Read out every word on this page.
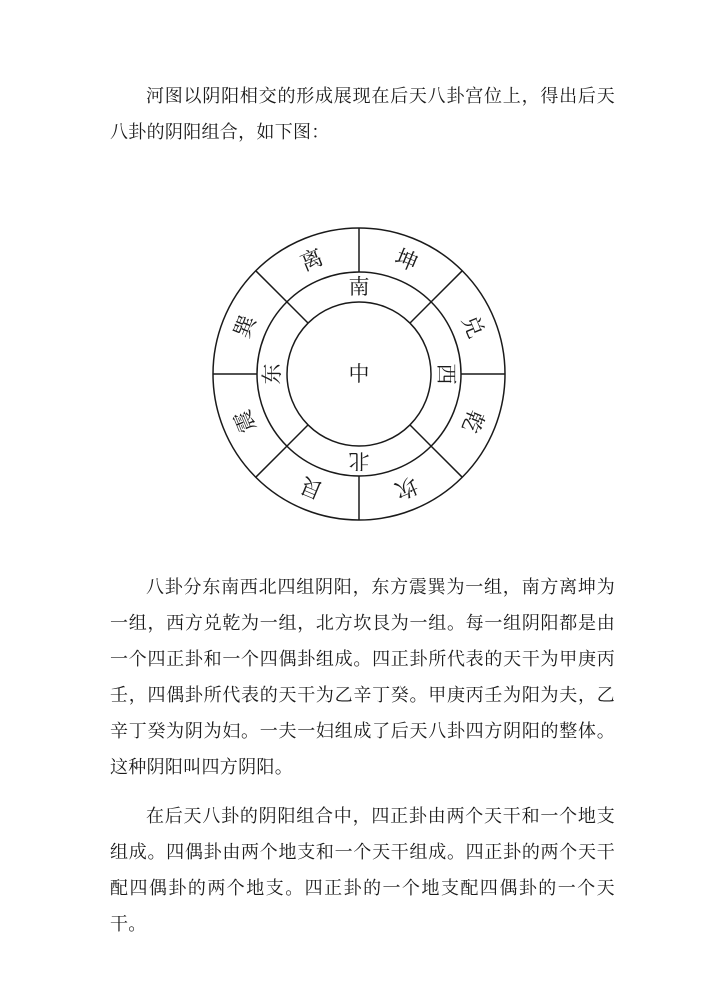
河图以阴阳相交的形成展现在后天八卦宫位上，得出后天八卦的阴阳组合，如下图：

中
南
西
北
东
离	坤
兑
乾
坎
艮
震
巽

八卦分东南西北四组阴阳，东方震巽为一组，南方离坤为一组，西方兑乾为一组，北方坎艮为一组。每一组阴阳都是由一个四正卦和一个四偶卦组成。四正卦所代表的天干为甲庚丙壬，四偶卦所代表的天干为乙辛丁癸。甲庚丙壬为阳为夫，乙辛丁癸为阴为妇。一夫一妇组成了后天八卦四方阴阳的整体。这种阴阳叫四方阴阳。

在后天八卦的阴阳组合中，四正卦由两个天干和一个地支组成。四偶卦由两个地支和一个天干组成。四正卦的两个天干配四偶卦的两个地支。四正卦的一个地支配四偶卦的一个天干。
